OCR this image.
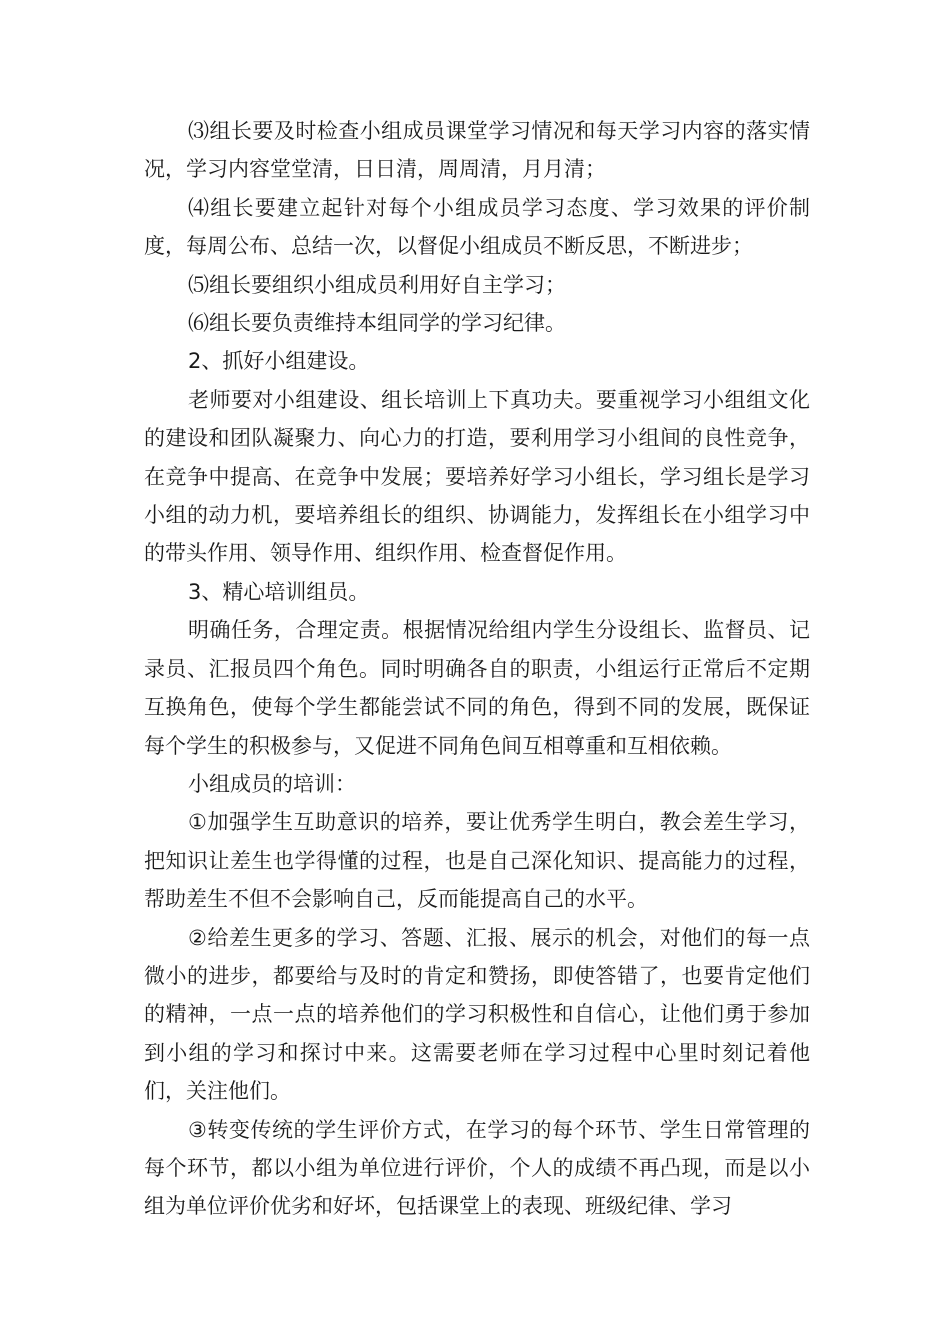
⑶组长要及时检查小组成员课堂学习情况和每天学习内容的落实情况，学习内容堂堂清，日日清，周周清，月月清；

⑷组长要建立起针对每个小组成员学习态度、学习效果的评价制度，每周公布、总结一次，以督促小组成员不断反思，不断进步；

⑸组长要组织小组成员利用好自主学习；

⑹组长要负责维持本组同学的学习纪律。

2、抓好小组建设。

老师要对小组建设、组长培训上下真功夫。要重视学习小组组文化的建设和团队凝聚力、向心力的打造，要利用学习小组间的良性竞争，在竞争中提高、在竞争中发展；要培养好学习小组长，学习组长是学习小组的动力机，要培养组长的组织、协调能力，发挥组长在小组学习中的带头作用、领导作用、组织作用、检查督促作用。

3、精心培训组员。

明确任务，合理定责。根据情况给组内学生分设组长、监督员、记录员、汇报员四个角色。同时明确各自的职责，小组运行正常后不定期互换角色，使每个学生都能尝试不同的角色，得到不同的发展，既保证每个学生的积极参与，又促进不同角色间互相尊重和互相依赖。

小组成员的培训：

①加强学生互助意识的培养，要让优秀学生明白，教会差生学习，把知识让差生也学得懂的过程，也是自己深化知识、提高能力的过程，帮助差生不但不会影响自己，反而能提高自己的水平。

②给差生更多的学习、答题、汇报、展示的机会，对他们的每一点微小的进步，都要给与及时的肯定和赞扬，即使答错了，也要肯定他们的精神，一点一点的培养他们的学习积极性和自信心，让他们勇于参加到小组的学习和探讨中来。这需要老师在学习过程中心里时刻记着他们，关注他们。

③转变传统的学生评价方式，在学习的每个环节、学生日常管理的每个环节，都以小组为单位进行评价，个人的成绩不再凸现，而是以小组为单位评价优劣和好坏，包括课堂上的表现、班级纪律、学习
